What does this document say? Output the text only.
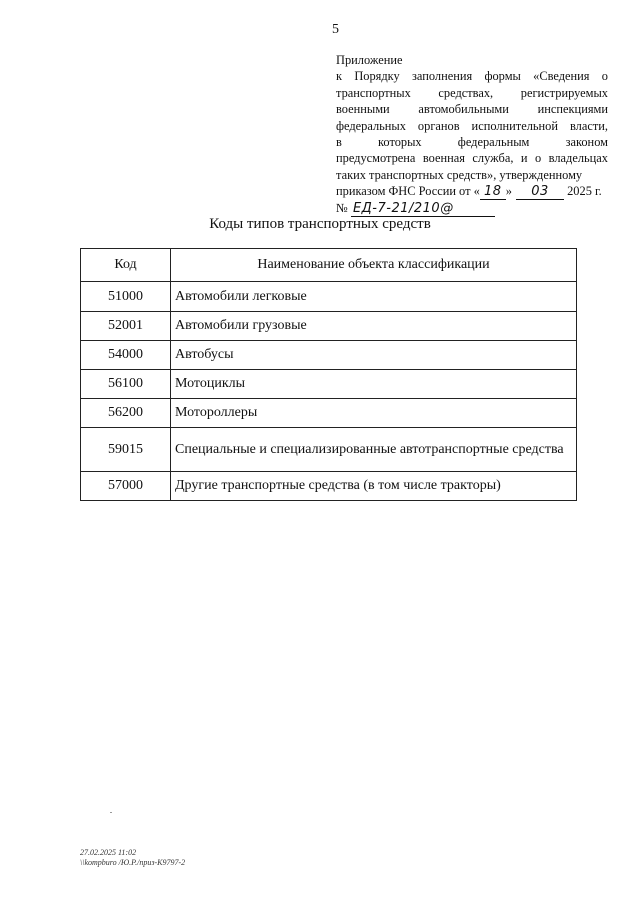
5
Приложение
к Порядку заполнения формы «Сведения о
транспортных средствах, регистрируемых
военными автомобильными инспекциями
федеральных органов исполнительной власти,
в которых федеральным законом
предусмотрена военная служба, и о владельцах
таких транспортных средств», утвержденному
приказом ФНС России от « 18 » 03 2025 г.
№ ЕД-7-21/210@
Коды типов транспортных средств
Код	Наименование объекта классификации
51000	Автомобили легковые
52001	Автомобили грузовые
54000	Автобусы
56100	Мотоциклы
56200	Мотороллеры
59015	Специальные и специализированные автотранспортные средства
57000	Другие транспортные средства (в том числе тракторы)
27.02.2025 11:02
\\kompburo /Ю.Р./приз-К9797-2
